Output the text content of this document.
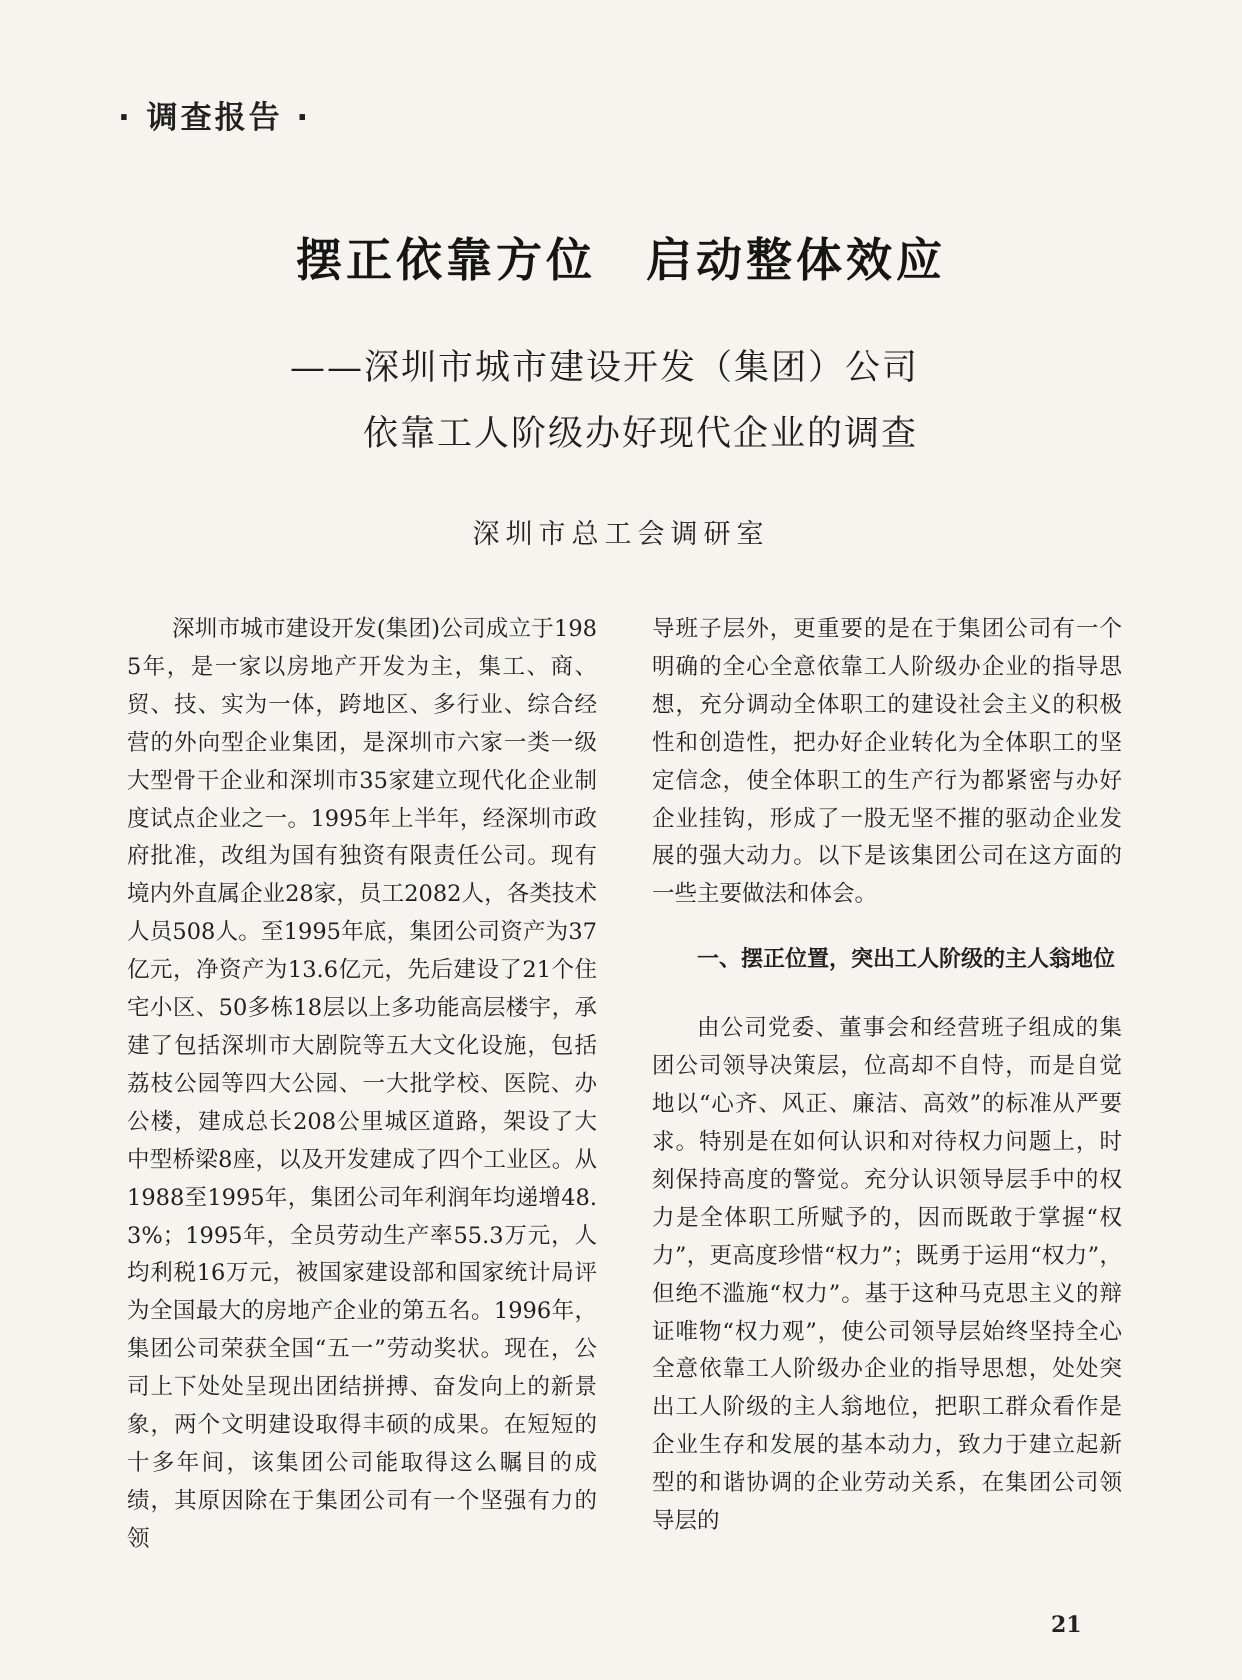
· 调查报告 ·
摆正依靠方位　启动整体效应
——深圳市城市建设开发（集团）公司
依靠工人阶级办好现代企业的调查
深圳市总工会调研室

深圳市城市建设开发(集团)公司成立于1985年，是一家以房地产开发为主，集工、商、贸、技、实为一体，跨地区、多行业、综合经营的外向型企业集团，是深圳市六家一类一级大型骨干企业和深圳市35家建立现代化企业制度试点企业之一。1995年上半年，经深圳市政府批准，改组为国有独资有限责任公司。现有境内外直属企业28家，员工2082人，各类技术人员508人。至1995年底，集团公司资产为37亿元，净资产为13.6亿元，先后建设了21个住宅小区、50多栋18层以上多功能高层楼宇，承建了包括深圳市大剧院等五大文化设施，包括荔枝公园等四大公园、一大批学校、医院、办公楼，建成总长208公里城区道路，架设了大中型桥梁8座，以及开发建成了四个工业区。从1988至1995年，集团公司年利润年均递增48.3%；1995年，全员劳动生产率55.3万元，人均利税16万元，被国家建设部和国家统计局评为全国最大的房地产企业的第五名。1996年，集团公司荣获全国“五一”劳动奖状。现在，公司上下处处呈现出团结拼搏、奋发向上的新景象，两个文明建设取得丰硕的成果。在短短的十多年间，该集团公司能取得这么瞩目的成绩，其原因除在于集团公司有一个坚强有力的领

导班子层外，更重要的是在于集团公司有一个明确的全心全意依靠工人阶级办企业的指导思想，充分调动全体职工的建设社会主义的积极性和创造性，把办好企业转化为全体职工的坚定信念，使全体职工的生产行为都紧密与办好企业挂钩，形成了一股无坚不摧的驱动企业发展的强大动力。以下是该集团公司在这方面的一些主要做法和体会。

一、摆正位置，突出工人阶级的主人翁地位

由公司党委、董事会和经营班子组成的集团公司领导决策层，位高却不自恃，而是自觉地以“心齐、风正、廉洁、高效”的标准从严要求。特别是在如何认识和对待权力问题上，时刻保持高度的警觉。充分认识领导层手中的权力是全体职工所赋予的，因而既敢于掌握“权力”，更高度珍惜“权力”；既勇于运用“权力”，但绝不滥施“权力”。基于这种马克思主义的辩证唯物“权力观”，使公司领导层始终坚持全心全意依靠工人阶级办企业的指导思想，处处突出工人阶级的主人翁地位，把职工群众看作是企业生存和发展的基本动力，致力于建立起新型的和谐协调的企业劳动关系，在集团公司领导层的

21
